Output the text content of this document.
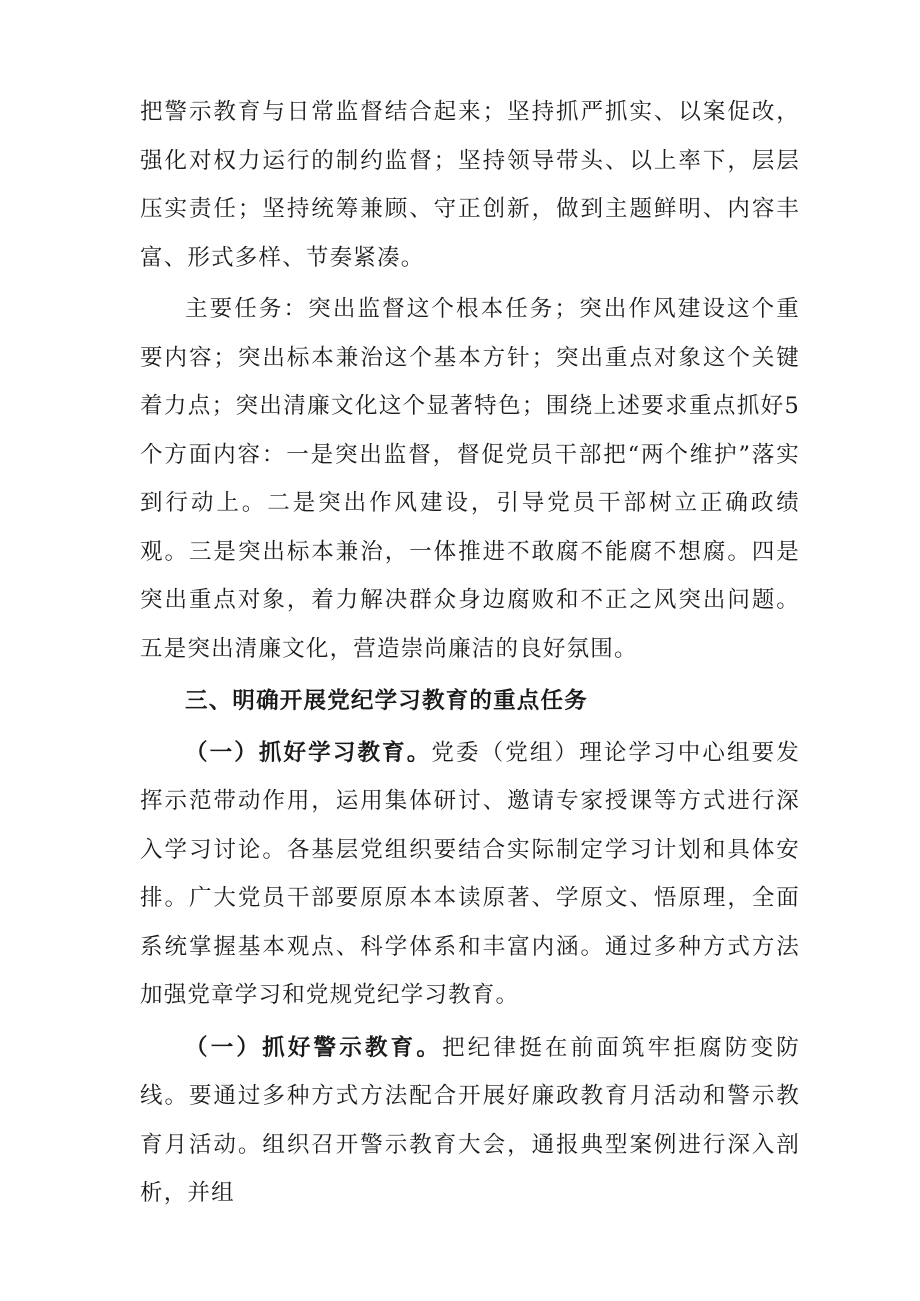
把警示教育与日常监督结合起来；坚持抓严抓实、以案促改，强化对权力运行的制约监督；坚持领导带头、以上率下，层层压实责任；坚持统筹兼顾、守正创新，做到主题鲜明、内容丰富、形式多样、节奏紧凑。

主要任务：突出监督这个根本任务；突出作风建设这个重要内容；突出标本兼治这个基本方针；突出重点对象这个关键着力点；突出清廉文化这个显著特色；围绕上述要求重点抓好5个方面内容：一是突出监督，督促党员干部把“两个维护”落实到行动上。二是突出作风建设，引导党员干部树立正确政绩观。三是突出标本兼治，一体推进不敢腐不能腐不想腐。四是突出重点对象，着力解决群众身边腐败和不正之风突出问题。五是突出清廉文化，营造崇尚廉洁的良好氛围。

三、明确开展党纪学习教育的重点任务

（一）抓好学习教育。党委（党组）理论学习中心组要发挥示范带动作用，运用集体研讨、邀请专家授课等方式进行深入学习讨论。各基层党组织要结合实际制定学习计划和具体安排。广大党员干部要原原本本读原著、学原文、悟原理，全面系统掌握基本观点、科学体系和丰富内涵。通过多种方式方法加强党章学习和党规党纪学习教育。

（一）抓好警示教育。把纪律挺在前面筑牢拒腐防变防线。要通过多种方式方法配合开展好廉政教育月活动和警示教育月活动。组织召开警示教育大会，通报典型案例进行深入剖析，并组
